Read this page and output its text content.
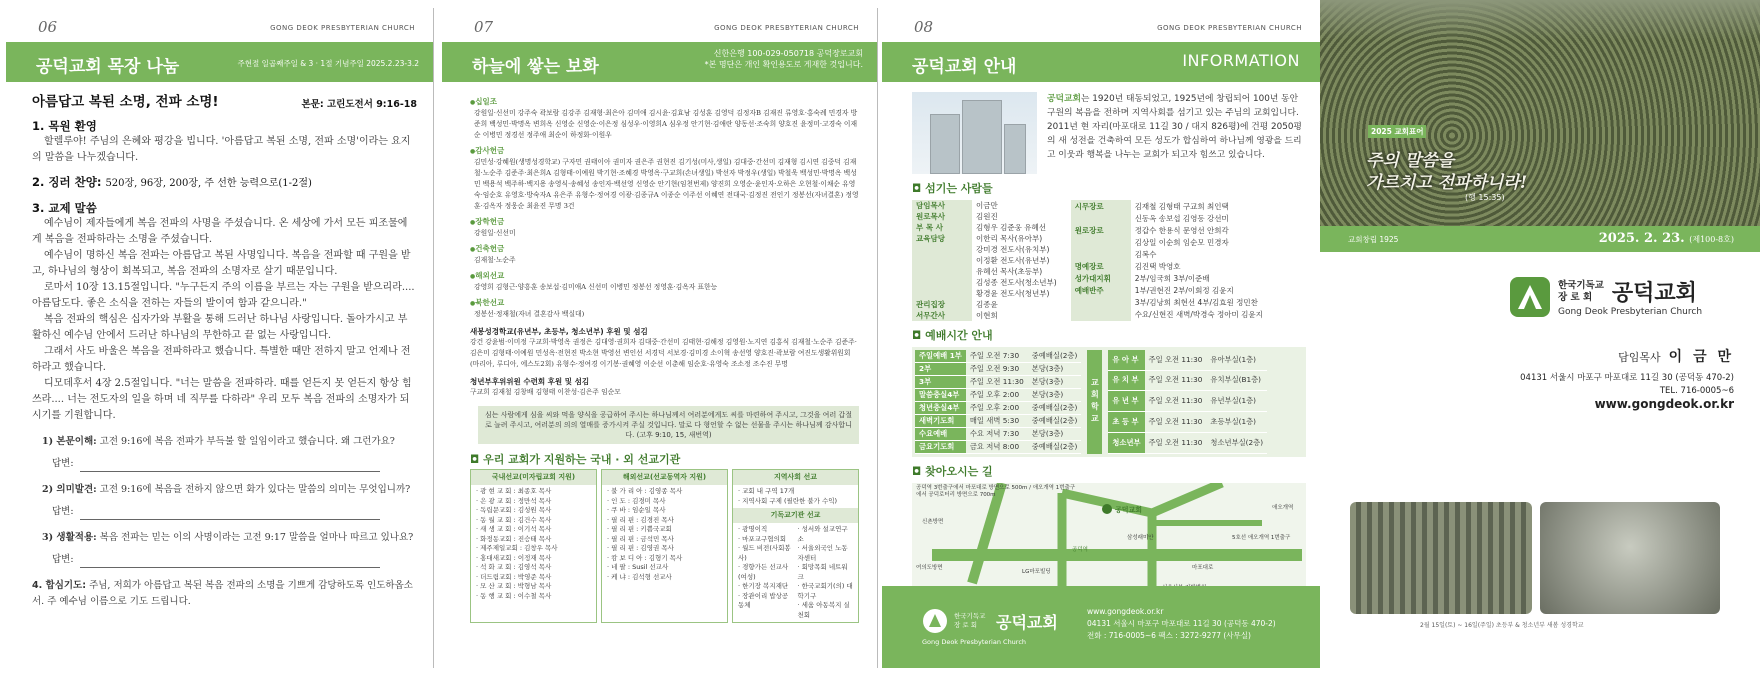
06	GONG DEOK PRESBYTERIAN CHURCH
공덕교회 목장 나눔	주현절 일곱째주일 & 3 · 1절 기념주일 2025.2.23-3.2
아름답고 복된 소명, 전파 소명!	본문: 고린도전서 9:16-18
1. 목원 환영
할렐루야! 주님의 은혜와 평강을 빕니다. '아름답고 복된 소명, 전파 소명'이라는 요지의 말씀을 나누겠습니다.
2. 징러 찬양: 520장, 96장, 200장, 주 선한 능력으로(1-2절)
3. 교제 말씀
예수님이 제자들에게 복음 전파의 사명을 주셨습니다. 온 세상에 가서 모든 피조물에게 복음을 전파하라는 소명을 주셨습니다.
예수님이 명하신 복음 전파는 아름답고 복된 사명입니다. 복음을 전파할 때 구원을 받고, 하나님의 형상이 회복되고, 복음 전파의 소명자로 살기 때문입니다.
로마서 10장 13.15절입니다. "누구든지 주의 이름을 부르는 자는 구원을 받으리라.... 아름답도다. 좋은 소식을 전하는 자들의 발이여 함과 같으니라."
복음 전파의 핵심은 십자가와 부활을 통해 드러난 하나님 사랑입니다. 돌아가시고 부활하신 예수님 안에서 드러난 하나님의 무한하고 끝 없는 사랑입니다.
그래서 사도 바울은 복음을 전파하라고 했습니다. 특별한 때만 전하지 말고 언제나 전하라고 했습니다.
디모데후서 4장 2.5절입니다. "너는 말씀을 전파하라. 때를 얻든지 못 얻든지 항상 힘쓰라.... 너는 전도자의 일을 하며 네 직무를 다하라" 우리 모두 복음 전파의 소명자가 되시기를 기원합니다.
1) 본문이해: 고전 9:16에 복음 전파가 부득불 할 일임이라고 했습니다. 왜 그런가요?
답변:
2) 의미발견: 고전 9:16에 복음을 전하지 않으면 화가 있다는 말씀의 의미는 무엇입니까?
답변:
3) 생활적용: 복음 전파는 믿는 이의 사명이라는 고전 9:17 말씀을 얼마나 따르고 있나요?
답변:
4. 합심기도: 주님, 저희가 아름답고 복된 복음 전파의 소명을 기쁘게 감당하도록 인도하옵소서. 주 예수님 이름으로 기도 드립니다.
07	GONG DEOK PRESBYTERIAN CHURCH
하늘에 쌓는 보화
신한은행 100-029-050718 공덕장로교회
*본 명단은 개인 확인용도로 게재한 것입니다.
● 십일조
강원일·신선미 강주숙 곽보람 김강주 김재형·최은아 김미애 김시윤·김효남 김성훈 김영덕 김정자B 김재진 류영호·홍숙례 민경자 방준희 백성민·박명옥 변희옥 신영순 신영순·이은정 심성우·이영희A 심우정 안기현·김애란 양동선·조숙희 양호진 윤정미·고경숙 이재순 이병민 정경선 정주애 최순이 하정화·이원우
● 감사헌금
김민성·강혜원(생명성경학교) 구자민 권태이아 권미자 권은주 권현진 김기성(미사,생일) 김대중·간선미 김재형 김시연 김중덕 김재철·노순주 김준주·최은희A 김형태·이예원 박기현·조혜경 박영옥·구교희(손녀생일) 박선자 박정우(생일) 박철욱 백성민·박명옥 백성민 백용석 백주하·백지용 송영식·송혜성 송인자·백선영 신영순 안기현(임천번제) 양진희 오영순·윤인자·오하은 오현철·이채순 유영숙·임순호 유영호·방숙자A 유은주 유형수·정여경 이광·김종규A 이종순 이주선 이혜연 전대국·김정진 전인기 정봉선(자녀결혼) 정영훈·김옥자 정웅순 최윤진 무명 3건
● 장학헌금
강원일·신선미
● 건축헌금
김재철·노순주
● 해외선교
강영희 김형근·양흥훈 송보섭·김미애A 신선미 이병민 정봉선 정영훈·김옥자 표한능
● 북한선교
정봉선·정재철(자녀 결혼감사 백실대)
새봉성경학교(유년부, 초등부, 청소년부) 후원 및 섬김
강건 강윤범·이미정 구교희·박영옥 권정은 김대영·권희자 김대중·간선미 김태현·김해정 김영원·노지연 김홍식 김재철·노순주 김준주·김은미 김형태·이예원 민성옥·전현진 박소현 박영선 변인선 서경덕 서보경·김미경 소이혁 송선영 양호진·곽보람 여진도생활위원회(마리아, 루디아, 에스도2회) 유형수·정여경 이기봉·권혜영 이순선 이춘해 임순호·유영숙 조소정 조수진 무명
청년부후위위원 수련회 후원 및 섬김
구교희 김재철 김창배 김형태 이찬성·김은주 임순모
심는 사람에게 심을 씨와 먹을 양식을 공급하여 주시는 하나님께서 여러분에게도 씨를 마련하여 주시고, 그것을 여러 갑절로 늘려 주시고, 여러분의 의의 열매를 증가시켜 주실 것입니다. 말로 다 형언할 수 없는 선물을 주시는 하나님께 감사합니다. (고후 9:10, 15, 새번역)
◘ 우리 교회가 지원하는 국내 · 외 선교기관
국내선교(미자립교회 지원)
· 광 현 교 회 : 최종호 목사
· 은 광 교 회 : 정만석 목사
· 독립문교회 : 김성원 목사
· 동 월 교 회 : 김건수 목사
· 새 생 교 회 : 이기석 목사
· 화정동교회 : 진승태 목사
· 제주제일교회 : 김창우 목사
· 홍대새교회 : 이정재 목사
· 석 화 교 회 : 김영석 목사
· 더드림교회 : 박영준 목사
· 모 산 교 회 : 박형남 목사
· 동 행 교 회 : 이수철 목사
해외선교(선교동역자 지원)
· 불 가 리 아 : 김영종 목사
· 인 도 : 김경미 목사
· 쿠 바 : 임순일 목사
· 필 리 핀 : 김경진 목사
· 필 리 핀 : 키쁨국교회
· 필 리 핀 : 금석민 목사
· 필 리 핀 : 김영권 목사
· 캄 보 디 아 : 김형기 목사
· 네 팔 : Susil 선교사
· 케 냐 : 김석형 선교사
지역사회 선교
· 교회 내 구역 17개
· 지역사회 구제 (필란한 불가 수익)
기독교기관 선교
· 광명이직
· 마포교구협의회
· 월드 비전(사회봉사)
· 경향가든 선교사(여성)
· 한기장 복지재단
· 장관이리 밥상공동체
· 성서와 설교연구소
· 서울외국인 노동자센터
· 회망목회 네트워크
· 한국교회기(의) 대학기구
· 세움 아동복지 실천회
08	GONG DEOK PRESBYTERIAN CHURCH
공덕교회 안내	INFORMATION
공덕교회는 1920년 태동되었고, 1925년에 창립되어 100년 동안 구원의 복음을 전하며 지역사회를 섬기고 있는 주님의 교회입니다. 2011년 현 자리(마포대로 11길 30 / 대지 826평)에 건평 2050평의 새 성전을 건축하여 모든 성도가 합심하여 하나님께 영광을 드리고 이웃과 행복을 나누는 교회가 되고자 힘쓰고 있습니다.
◘ 섬기는 사람들
담임목사	이금만
원로목사	김원진
부 목 사	김형우 김준웅 유혜선
교육담당	이한리 목사(유아부)
	강미경 전도사(유치부)
	이정환 전도사(유년부)
	유혜선 목사(초등부)
	김성종 전도사(청소년부)
	황경윤 전도사(청년부)
관리집장	김종윤
서무간사	이현희
시무장로	김재철 김형태 구교희 최인택
	신동옥 송보섭 김영동 강선미
원로장로	정갑수 한용식 문영선 안희각
	김상일 이순희 임순모 민경자
	김복수
명예장로	김진택 박영호
성가대지휘	2부/임국희 3부/이준배
예배반주	1부/권현진 2부/이회정 김윤지
	3부/김낭희 최현선 4부/김효원 정민찬
	수요/신현진 새벽/박경숙 정아미 김윤지
◘ 예배시간 안내
주일예배 1부	주일 오전 7:30	중예배실(2층)
2부	주일 오전 9:30	본당(3층)
3부	주일 오전 11:30	본당(3층)
말씀충실4부	주일 오후 2:00	본당(3층)
청년충실4부	주일 오후 2:00	중예배실(2층)
새벽기도회	매일 새벽 5:30	중예배실(2층)
수요예배	수요 저녁 7:30	본당(3층)
금요기도회	금요 저녁 8:00	중예배실(2층)
교회학교
유 아 부	주일 오전 11:30	유아부실(1층)
유 치 부	주일 오전 11:30	유치부실(B1층)
유 년 부	주일 오전 11:30	유년부실(1층)
초 등 부	주일 오전 11:30	초등부실(1층)
청소년부	주일 오전 11:30	청소년부실(2층)
◘ 찾아오시는 길
공덕역 3번출구에서 마포대로 방면으로 500m / 애오개역 1번출구에서 공덕로터리 방면으로 700m
공덕교회
신촌방면
애오개역
공덕역
마포대로
여의도방면
삼성래미안
LG마포빌딩
5호선 애오개역 1번출구
한국기독교 장 로 회	공덕교회
Gong Deok Presbyterian Church
www.gongdeok.or.kr
04131 서울시 마포구 마포대로 11길 30 (공덕동 470-2)
전화 : 716-0005~6 팩스 : 3272-9277 (사무실)
2025 교회표어
주의 말씀을
가르치고 전파하니라!
(행 15:35)
교회창립 1925	2025. 2. 23. (제100-8호)
한국기독교
장 로 회 공덕교회
Gong Deok Presbyterian Church
담임목사 이 금 만
04131 서울시 마포구 마포대로 11길 30 (공덕동 470-2)
TEL. 716-0005~6
www.gongdeok.or.kr
2월 15일(토) ~ 16일(주일) 초등부 & 청소년부 새봄 성경학교
